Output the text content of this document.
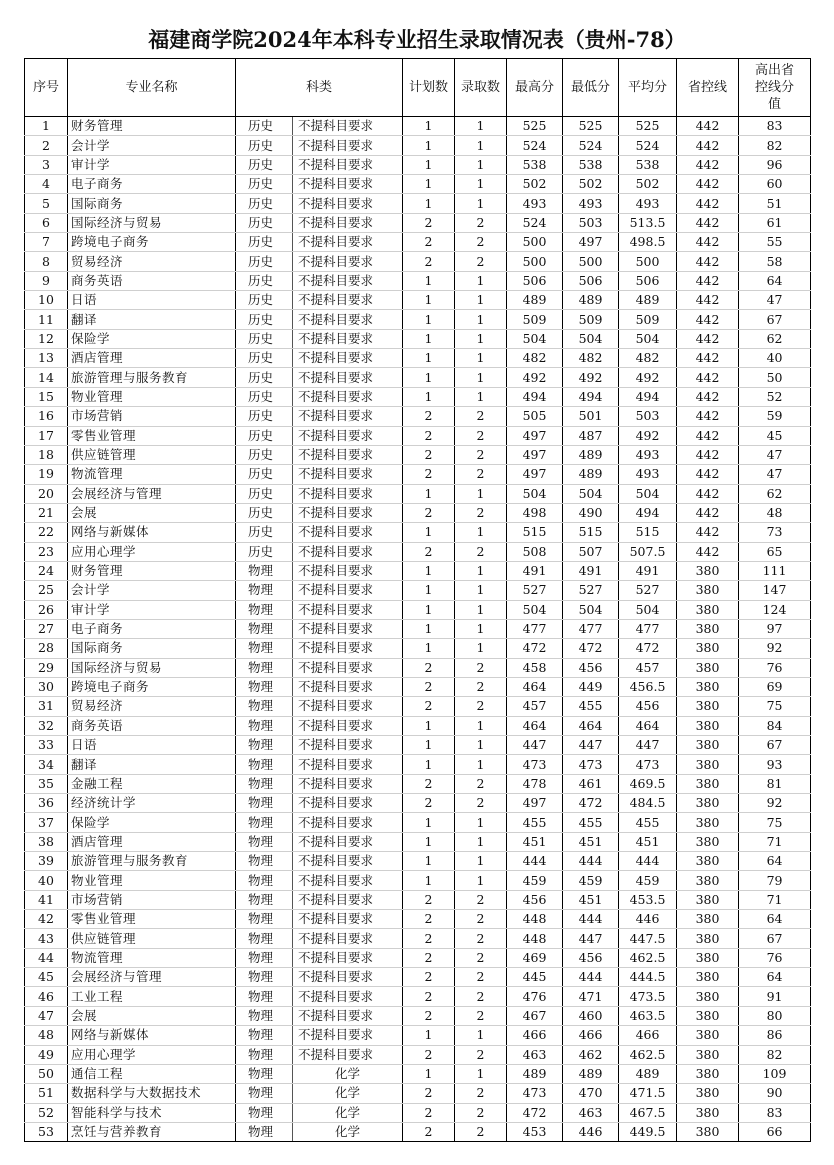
福建商学院2024年本科专业招生录取情况表（贵州-78）
序号	专业名称	科类		计划数	录取数	最高分	最低分	平均分	省控线	高出省控线分值
1	财务管理	历史	不提科目要求	1	1	525	525	525	442	83
2	会计学	历史	不提科目要求	1	1	524	524	524	442	82
3	审计学	历史	不提科目要求	1	1	538	538	538	442	96
4	电子商务	历史	不提科目要求	1	1	502	502	502	442	60
5	国际商务	历史	不提科目要求	1	1	493	493	493	442	51
6	国际经济与贸易	历史	不提科目要求	2	2	524	503	513.5	442	61
7	跨境电子商务	历史	不提科目要求	2	2	500	497	498.5	442	55
8	贸易经济	历史	不提科目要求	2	2	500	500	500	442	58
9	商务英语	历史	不提科目要求	1	1	506	506	506	442	64
10	日语	历史	不提科目要求	1	1	489	489	489	442	47
11	翻译	历史	不提科目要求	1	1	509	509	509	442	67
12	保险学	历史	不提科目要求	1	1	504	504	504	442	62
13	酒店管理	历史	不提科目要求	1	1	482	482	482	442	40
14	旅游管理与服务教育	历史	不提科目要求	1	1	492	492	492	442	50
15	物业管理	历史	不提科目要求	1	1	494	494	494	442	52
16	市场营销	历史	不提科目要求	2	2	505	501	503	442	59
17	零售业管理	历史	不提科目要求	2	2	497	487	492	442	45
18	供应链管理	历史	不提科目要求	2	2	497	489	493	442	47
19	物流管理	历史	不提科目要求	2	2	497	489	493	442	47
20	会展经济与管理	历史	不提科目要求	1	1	504	504	504	442	62
21	会展	历史	不提科目要求	2	2	498	490	494	442	48
22	网络与新媒体	历史	不提科目要求	1	1	515	515	515	442	73
23	应用心理学	历史	不提科目要求	2	2	508	507	507.5	442	65
24	财务管理	物理	不提科目要求	1	1	491	491	491	380	111
25	会计学	物理	不提科目要求	1	1	527	527	527	380	147
26	审计学	物理	不提科目要求	1	1	504	504	504	380	124
27	电子商务	物理	不提科目要求	1	1	477	477	477	380	97
28	国际商务	物理	不提科目要求	1	1	472	472	472	380	92
29	国际经济与贸易	物理	不提科目要求	2	2	458	456	457	380	76
30	跨境电子商务	物理	不提科目要求	2	2	464	449	456.5	380	69
31	贸易经济	物理	不提科目要求	2	2	457	455	456	380	75
32	商务英语	物理	不提科目要求	1	1	464	464	464	380	84
33	日语	物理	不提科目要求	1	1	447	447	447	380	67
34	翻译	物理	不提科目要求	1	1	473	473	473	380	93
35	金融工程	物理	不提科目要求	2	2	478	461	469.5	380	81
36	经济统计学	物理	不提科目要求	2	2	497	472	484.5	380	92
37	保险学	物理	不提科目要求	1	1	455	455	455	380	75
38	酒店管理	物理	不提科目要求	1	1	451	451	451	380	71
39	旅游管理与服务教育	物理	不提科目要求	1	1	444	444	444	380	64
40	物业管理	物理	不提科目要求	1	1	459	459	459	380	79
41	市场营销	物理	不提科目要求	2	2	456	451	453.5	380	71
42	零售业管理	物理	不提科目要求	2	2	448	444	446	380	64
43	供应链管理	物理	不提科目要求	2	2	448	447	447.5	380	67
44	物流管理	物理	不提科目要求	2	2	469	456	462.5	380	76
45	会展经济与管理	物理	不提科目要求	2	2	445	444	444.5	380	64
46	工业工程	物理	不提科目要求	2	2	476	471	473.5	380	91
47	会展	物理	不提科目要求	2	2	467	460	463.5	380	80
48	网络与新媒体	物理	不提科目要求	1	1	466	466	466	380	86
49	应用心理学	物理	不提科目要求	2	2	463	462	462.5	380	82
50	通信工程	物理	化学	1	1	489	489	489	380	109
51	数据科学与大数据技术	物理	化学	2	2	473	470	471.5	380	90
52	智能科学与技术	物理	化学	2	2	472	463	467.5	380	83
53	烹饪与营养教育	物理	化学	2	2	453	446	449.5	380	66
